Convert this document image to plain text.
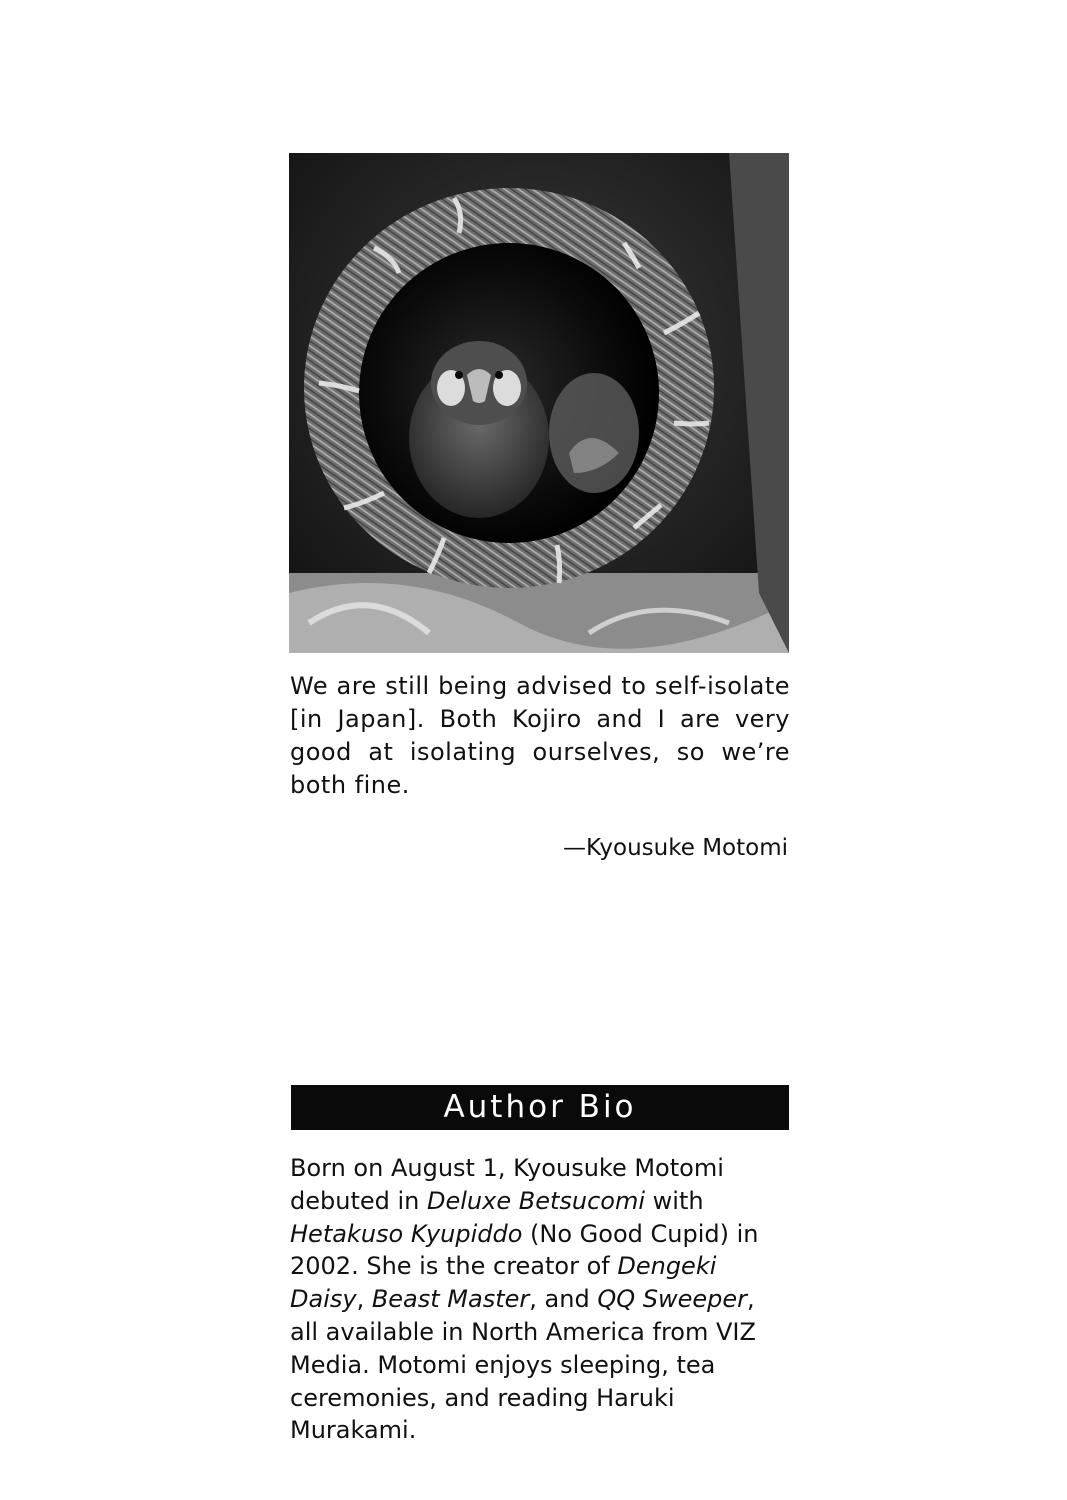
We are still being advised to self-isolate [in Japan]. Both Kojiro and I are very good at isolating ourselves, so we’re both fine.

—Kyousuke Motomi
Author Bio

Born on August 1, Kyousuke Motomi debuted in Deluxe Betsucomi with Hetakuso Kyupiddo (No Good Cupid) in 2002. She is the creator of Dengeki Daisy, Beast Master, and QQ Sweeper, all available in North America from VIZ Media. Motomi enjoys sleeping, tea ceremonies, and reading Haruki Murakami.
